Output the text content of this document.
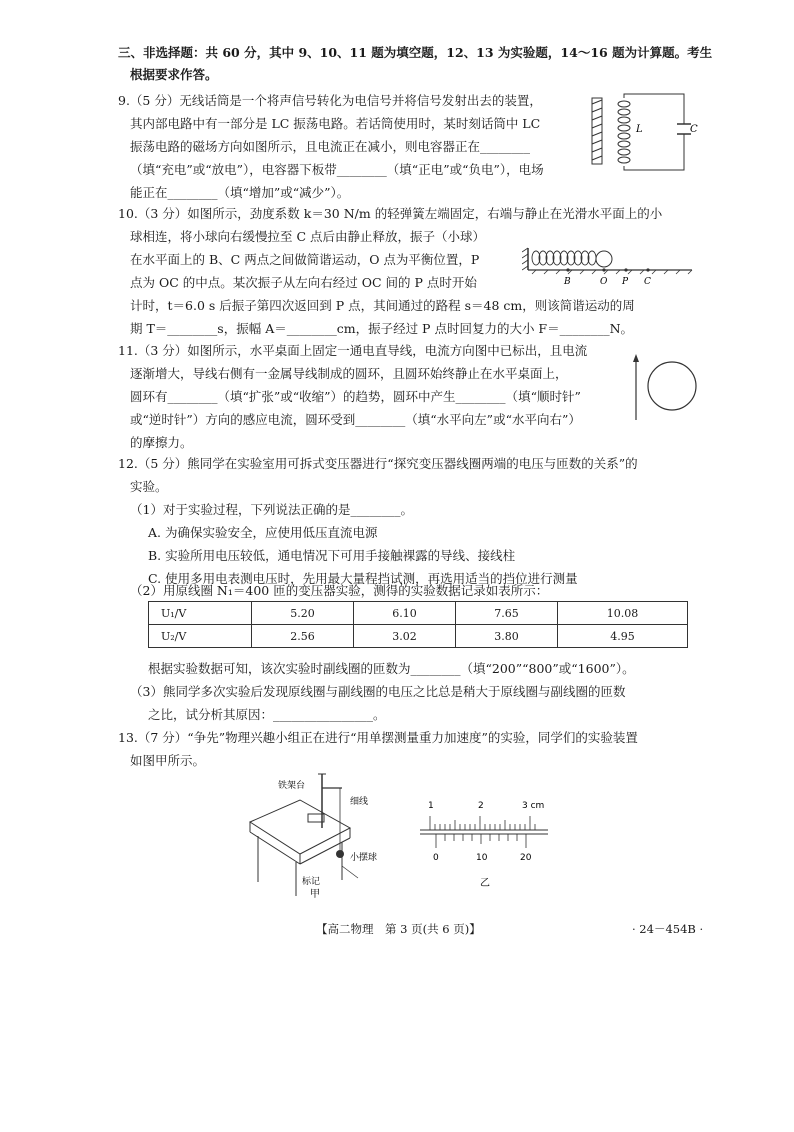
三、非选择题：共 60 分，其中 9、10、11 题为填空题，12、13 为实验题，14～16 题为计算题。考生
根据要求作答。
9.（5 分）无线话筒是一个将声信号转化为电信号并将信号发射出去的装置，
其内部电路中有一部分是 LC 振荡电路。若话筒使用时，某时刻话筒中 LC
振荡电路的磁场方向如图所示，且电流正在减小，则电容器正在________
（填“充电”或“放电”），电容器下板带________（填“正电”或“负电”），电场
能正在________（填“增加”或“减少”）。
L	C
10.（3 分）如图所示，劲度系数 k＝30 N/m 的轻弹簧左端固定，右端与静止在光滑水平面上的小
球相连，将小球向右缓慢拉至 C 点后由静止释放，振子（小球）
在水平面上的 B、C 两点之间做简谐运动，O 点为平衡位置，P
点为 OC 的中点。某次振子从左向右经过 OC 间的 P 点时开始
计时，t＝6.0 s 后振子第四次返回到 P 点，其间通过的路程 s＝48 cm，则该简谐运动的周
期 T＝________s，振幅 A＝________cm，振子经过 P 点时回复力的大小 F＝________N。
B	O P C
11.（3 分）如图所示，水平桌面上固定一通电直导线，电流方向图中已标出，且电流
逐渐增大，导线右侧有一金属导线制成的圆环，且圆环始终静止在水平桌面上，
圆环有________（填“扩张”或“收缩”）的趋势，圆环中产生________（填“顺时针”
或“逆时针”）方向的感应电流，圆环受到________（填“水平向左”或“水平向右”）
的摩擦力。
12.（5 分）熊同学在实验室用可拆式变压器进行“探究变压器线圈两端的电压与匝数的关系”的
实验。
（1）对于实验过程，下列说法正确的是________。
A. 为确保实验安全，应使用低压直流电源
B. 实验所用电压较低，通电情况下可用手接触裸露的导线、接线柱
C. 使用多用电表测电压时，先用最大量程挡试测，再选用适当的挡位进行测量
（2）用原线圈 N₁＝400 匝的变压器实验，测得的实验数据记录如表所示：
U₁/V	5.20	6.10	7.65	10.08
U₂/V	2.56	3.02	3.80	4.95
根据实验数据可知，该次实验时副线圈的匝数为________（填“200”“800”或“1600”）。
（3）熊同学多次实验后发现原线圈与副线圈的电压之比总是稍大于原线圈与副线圈的匝数
之比，试分析其原因：________________。
13.（7 分）“争先”物理兴趣小组正在进行“用单摆测量重力加速度”的实验，同学们的实验装置
如图甲所示。
铁架台
细线
小摆球
标记
甲
1	2	3 cm
0	10	20
乙
【高二物理　第 3 页(共 6 页)】	· 24－454B ·
